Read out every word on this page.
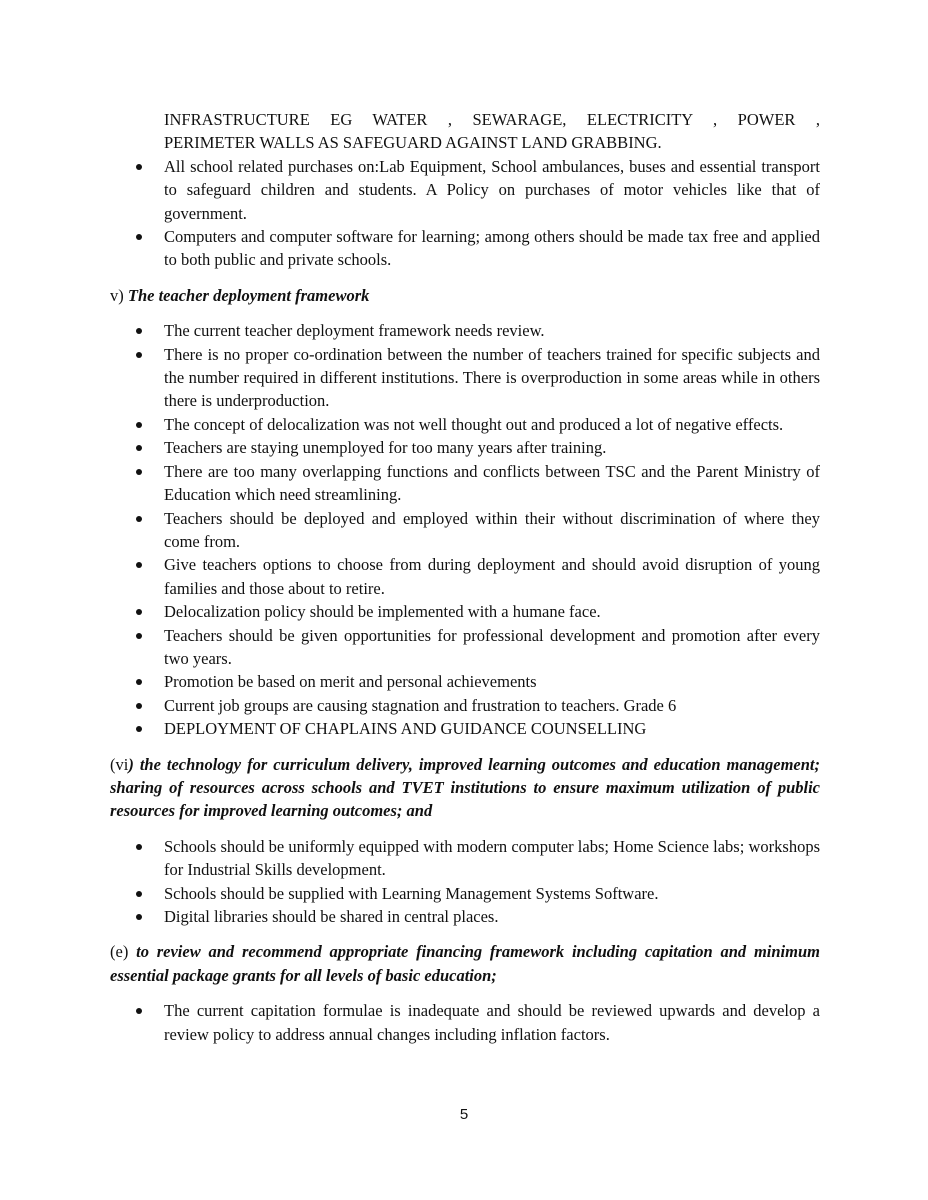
INFRASTRUCTURE EG WATER , SEWARAGE, ELECTRICITY , POWER ,
PERIMETER WALLS AS SAFEGUARD AGAINST LAND GRABBING.
All school related purchases on:Lab Equipment, School ambulances, buses and essential transport to safeguard children and students. A Policy on purchases of motor vehicles like that of government.
Computers and computer software for learning; among others should be made tax free and applied to both public and private schools.
v) The teacher deployment framework
The current teacher deployment framework needs review.
There is no proper co-ordination between the number of teachers trained for specific subjects and the number required in different institutions. There is overproduction in some areas while in others there is underproduction.
The concept of delocalization was not well thought out and produced a lot of negative effects.
Teachers are staying unemployed for too many years after training.
There are too many overlapping functions and conflicts between TSC and the Parent Ministry of Education which need streamlining.
Teachers should be deployed and employed within their without discrimination of where they come from.
Give teachers options to choose from during deployment and should avoid disruption of young families and those about to retire.
Delocalization policy should be implemented with a humane face.
Teachers should be given opportunities for professional development and promotion after every two years.
Promotion be based on merit and personal achievements
Current job groups are causing stagnation and frustration to teachers. Grade 6
DEPLOYMENT OF CHAPLAINS AND GUIDANCE COUNSELLING
(vi) the technology for curriculum delivery, improved learning outcomes and education management; sharing of resources across schools and TVET institutions to ensure maximum utilization of public resources for improved learning outcomes; and
Schools should be uniformly equipped with modern computer labs; Home Science labs; workshops for Industrial Skills development.
Schools should be supplied with Learning Management Systems Software.
Digital libraries should be shared in central places.
(e) to review and recommend appropriate financing framework including capitation and minimum essential package grants for all levels of basic education;
The current capitation formulae is inadequate and should be reviewed upwards and develop a review policy to address annual changes including inflation factors.
5
